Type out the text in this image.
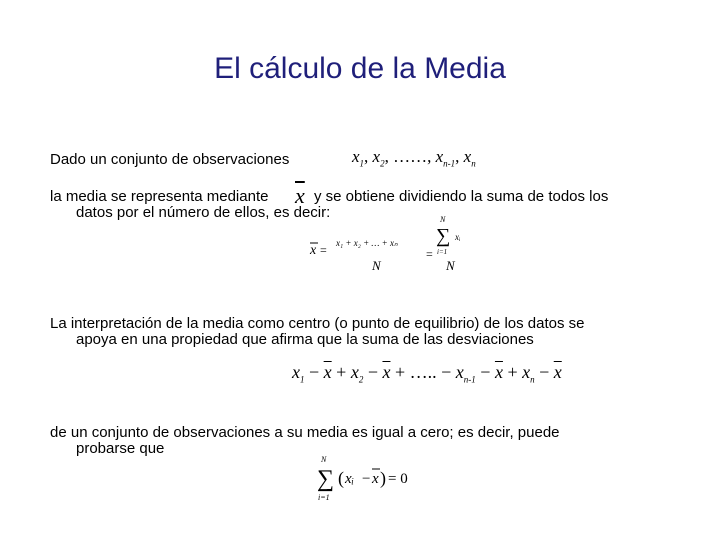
El cálculo de la Media
Dado un conjunto de observaciones	$x_1$, $x_2$, ……, $x_{n-1}$, $x_n$
la media se representa mediante $\overline{x}$ y se obtiene dividiendo la suma de todos los
datos por el número de ellos, es decir:
x = x₁ + x₂ + … + xₙ
N
=
N
∑ xᵢ
i=1
N
La interpretación de la media como centro (o punto de equilibrio) de los datos se
apoya en una propiedad que afirma que la suma de las desviaciones
$x_1 - \overline{x} + x_2 - \overline{x}$ + ….. − $x_{n-1} - \overline{x} + x_n - \overline{x}$
de un conjunto de observaciones a su media es igual a cero; es decir, puede
probarse que
N
∑
i=1
( xᵢ − x ) = 0
